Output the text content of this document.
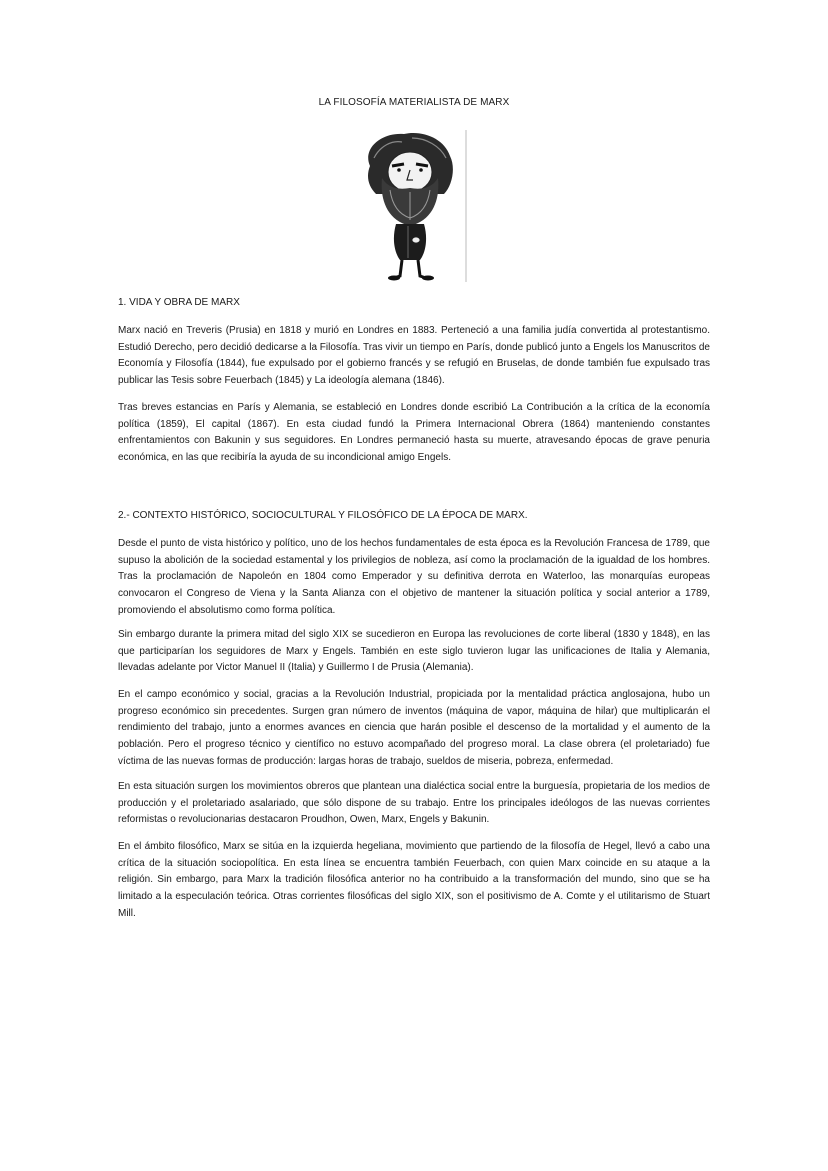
LA FILOSOFÍA MATERIALISTA DE MARX
1. VIDA Y OBRA DE MARX

Marx nació en Treveris (Prusia) en 1818 y murió en Londres en 1883. Perteneció a una familia judía convertida al protestantismo. Estudió Derecho, pero decidió dedicarse a la Filosofía. Tras vivir un tiempo en París, donde publicó junto a Engels los Manuscritos de Economía y Filosofía (1844), fue expulsado por el gobierno francés y se refugió en Bruselas, de donde también fue expulsado tras publicar las Tesis sobre Feuerbach (1845) y La ideología alemana (1846).

Tras breves estancias en París y Alemania, se estableció en Londres donde escribió La Contribución a la crítica de la economía política (1859), El capital (1867). En esta ciudad fundó la Primera Internacional Obrera (1864) manteniendo constantes enfrentamientos con Bakunin y sus seguidores. En Londres permaneció hasta su muerte, atravesando épocas de grave penuria económica, en las que recibiría la ayuda de su incondicional amigo Engels.

2.- CONTEXTO HISTÓRICO, SOCIOCULTURAL Y FILOSÓFICO DE LA ÉPOCA DE MARX.

Desde el punto de vista histórico y político, uno de los hechos fundamentales de esta época es la Revolución Francesa de 1789, que supuso la abolición de la sociedad estamental y los privilegios de nobleza, así como la proclamación de la igualdad de los hombres. Tras la proclamación de Napoleón en 1804 como Emperador y su definitiva derrota en Waterloo, las monarquías europeas convocaron el Congreso de Viena y la Santa Alianza con el objetivo de mantener la situación política y social anterior a 1789, promoviendo el absolutismo como forma política.

Sin embargo durante la primera mitad del siglo XIX se sucedieron en Europa las revoluciones de corte liberal (1830 y 1848), en las que participarían los seguidores de Marx y Engels. También en este siglo tuvieron lugar las unificaciones de Italia y Alemania, llevadas adelante por Victor Manuel II (Italia) y Guillermo I de Prusia (Alemania).

En el campo económico y social, gracias a la Revolución Industrial, propiciada por la mentalidad práctica anglosajona, hubo un progreso económico sin precedentes. Surgen gran número de inventos (máquina de vapor, máquina de hilar) que multiplicarán el rendimiento del trabajo, junto a enormes avances en ciencia que harán posible el descenso de la mortalidad y el aumento de la población. Pero el progreso técnico y científico no estuvo acompañado del progreso moral. La clase obrera (el proletariado) fue víctima de las nuevas formas de producción: largas horas de trabajo, sueldos de miseria, pobreza, enfermedad.

En esta situación surgen los movimientos obreros que plantean una dialéctica social entre la burguesía, propietaria de los medios de producción y el proletariado asalariado, que sólo dispone de su trabajo. Entre los principales ideólogos de las nuevas corrientes reformistas o revolucionarias destacaron Proudhon, Owen, Marx, Engels y Bakunin.

En el ámbito filosófico, Marx se sitúa en la izquierda hegeliana, movimiento que partiendo de la filosofía de Hegel, llevó a cabo una crítica de la situación sociopolítica. En esta línea se encuentra también Feuerbach, con quien Marx coincide en su ataque a la religión. Sin embargo, para Marx la tradición filosófica anterior no ha contribuido a la transformación del mundo, sino que se ha limitado a la especulación teórica. Otras corrientes filosóficas del siglo XIX, son el positivismo de A. Comte y el utilitarismo de Stuart Mill.
